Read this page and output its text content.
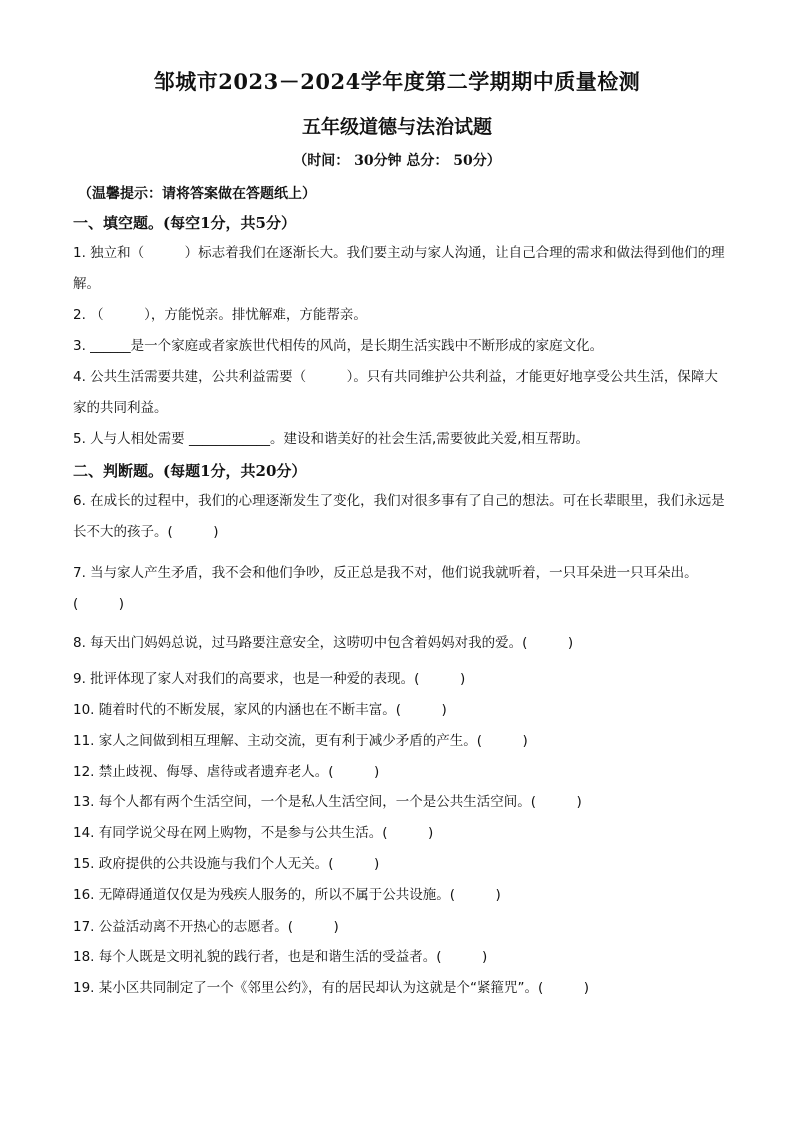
邹城市2023－2024学年度第二学期期中质量检测
五年级道德与法治试题
（时间： 30分钟 总分： 50分）
（温馨提示：请将答案做在答题纸上）
一、填空题。(每空1分，共5分）
1. 独立和（　　　）标志着我们在逐渐长大。我们要主动与家人沟通，让自己合理的需求和做法得到他们的理解。
2. （　　　），方能悦亲。排忧解难，方能帮亲。
3. ______是一个家庭或者家族世代相传的风尚，是长期生活实践中不断形成的家庭文化。
4. 公共生活需要共建，公共利益需要（　　　）。只有共同维护公共利益，才能更好地享受公共生活，保障大家的共同利益。
5. 人与人相处需要 ____________。建设和谐美好的社会生活,需要彼此关爱,相互帮助。
二、判断题。(每题1分，共20分）
6. 在成长的过程中，我们的心理逐渐发生了变化，我们对很多事有了自己的想法。可在长辈眼里，我们永远是长不大的孩子。(　　　)
7. 当与家人产生矛盾，我不会和他们争吵，反正总是我不对，他们说我就听着，一只耳朵进一只耳朵出。(　　　)
8. 每天出门妈妈总说，过马路要注意安全，这唠叨中包含着妈妈对我的爱。(　　　)
9. 批评体现了家人对我们的高要求，也是一种爱的表现。(　　　)
10. 随着时代的不断发展，家风的内涵也在不断丰富。(　　　)
11. 家人之间做到相互理解、主动交流，更有利于减少矛盾的产生。(　　　)
12. 禁止歧视、侮辱、虐待或者遗弃老人。(　　　)
13. 每个人都有两个生活空间，一个是私人生活空间，一个是公共生活空间。(　　　)
14. 有同学说父母在网上购物，不是参与公共生活。(　　　)
15. 政府提供的公共设施与我们个人无关。(　　　)
16. 无障碍通道仅仅是为残疾人服务的，所以不属于公共设施。(　　　)
17. 公益活动离不开热心的志愿者。(　　　)
18. 每个人既是文明礼貌的践行者，也是和谐生活的受益者。(　　　)
19. 某小区共同制定了一个《邻里公约》，有的居民却认为这就是个“紧箍咒”。(　　　)
